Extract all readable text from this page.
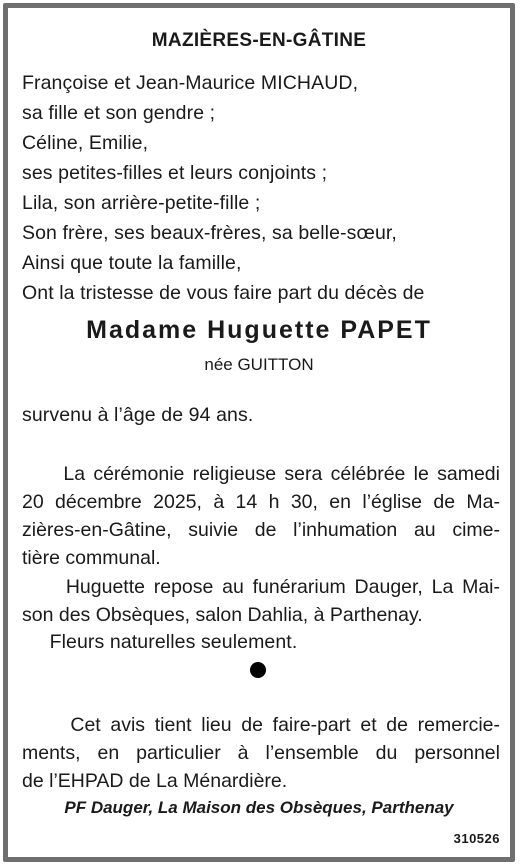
MAZIÈRES-EN-GÂTINE
Françoise et Jean-Maurice MICHAUD,
sa fille et son gendre ;
Céline, Emilie,
ses petites-filles et leurs conjoints ;
Lila, son arrière-petite-fille ;
Son frère, ses beaux-frères, sa belle-sœur,
Ainsi que toute la famille,
Ont la tristesse de vous faire part du décès de
Madame Huguette PAPET
née GUITTON
survenu à l’âge de 94 ans.
La cérémonie religieuse sera célébrée le samedi
20 décembre 2025, à 14 h 30, en l’église de Ma-
zières-en-Gâtine, suivie de l’inhumation au cime-
tière communal.
Huguette repose au funérarium Dauger, La Mai-
son des Obsèques, salon Dahlia, à Parthenay.
Fleurs naturelles seulement.
Cet avis tient lieu de faire-part et de remercie-
ments, en particulier à l’ensemble du personnel
de l’EHPAD de La Ménardière.
PF Dauger, La Maison des Obsèques, Parthenay
310526
